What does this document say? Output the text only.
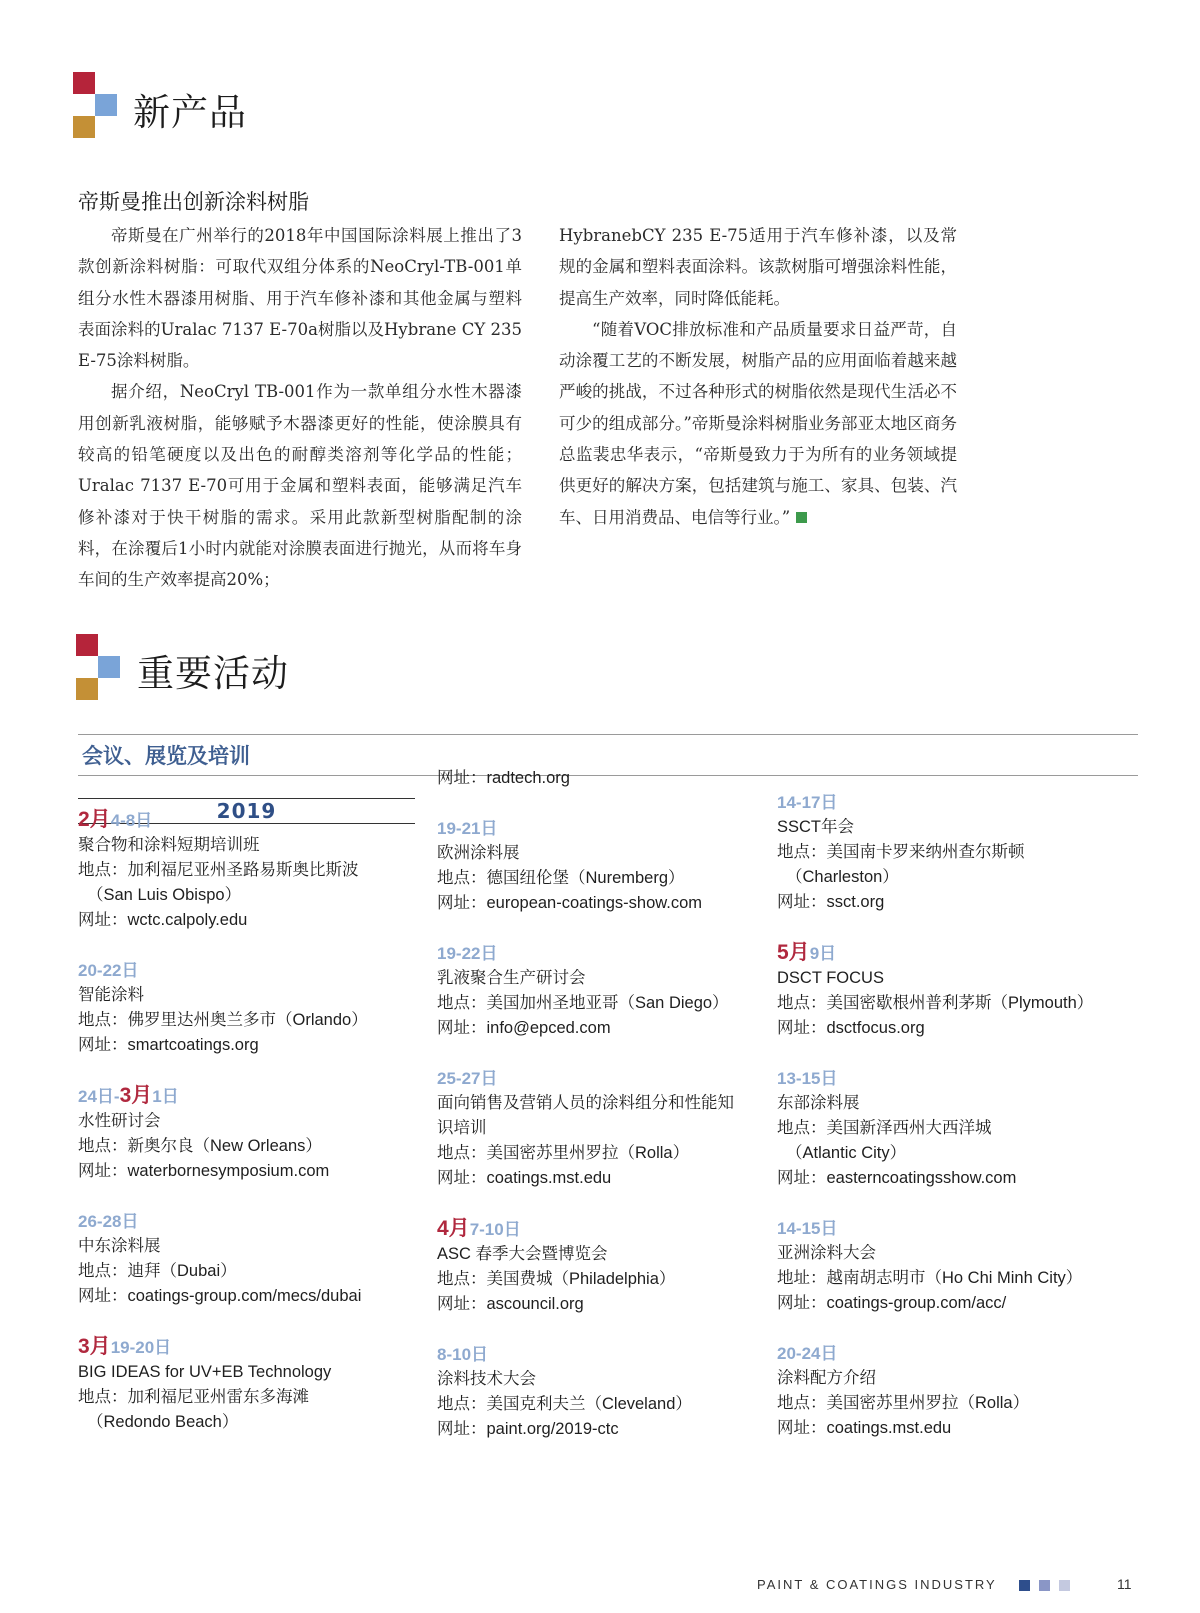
新产品
帝斯曼推出创新涂料树脂

帝斯曼在广州举行的2018年中国国际涂料展上推出了3款创新涂料树脂：可取代双组分体系的NeoCryl-TB-001单组分水性木器漆用树脂、用于汽车修补漆和其他金属与塑料表面涂料的Uralac 7137 E-70a树脂以及Hybrane CY 235 E-75涂料树脂。

据介绍，NeoCryl TB-001作为一款单组分水性木器漆用创新乳液树脂，能够赋予木器漆更好的性能，使涂膜具有较高的铅笔硬度以及出色的耐醇类溶剂等化学品的性能；Uralac 7137 E-70可用于金属和塑料表面，能够满足汽车修补漆对于快干树脂的需求。采用此款新型树脂配制的涂料，在涂覆后1小时内就能对涂膜表面进行抛光，从而将车身车间的生产效率提高20%；

HybranebCY 235 E-75适用于汽车修补漆，以及常规的金属和塑料表面涂料。该款树脂可增强涂料性能，提高生产效率，同时降低能耗。

“随着VOC排放标准和产品质量要求日益严苛，自动涂覆工艺的不断发展，树脂产品的应用面临着越来越严峻的挑战，不过各种形式的树脂依然是现代生活必不可少的组成部分。”帝斯曼涂料树脂业务部亚太地区商务总监裴忠华表示，“帝斯曼致力于为所有的业务领域提供更好的解决方案，包括建筑与施工、家具、包装、汽车、日用消费品、电信等行业。”

重要活动
会议、展览及培训
2019
2月4-8日
聚合物和涂料短期培训班
地点：加利福尼亚州圣路易斯奥比斯波
（San Luis Obispo）
网址：wctc.calpoly.edu
20-22日
智能涂料
地点：佛罗里达州奥兰多市（Orlando）
网址：smartcoatings.org
24日-3月1日
水性研讨会
地点：新奥尔良（New Orleans）
网址：waterbornesymposium.com
26-28日
中东涂料展
地点：迪拜（Dubai）
网址：coatings-group.com/mecs/dubai
3月19-20日
BIG IDEAS for UV+EB Technology
地点：加利福尼亚州雷东多海滩
（Redondo Beach）
网址：radtech.org
19-21日
欧洲涂料展
地点：德国纽伦堡（Nuremberg）
网址：european-coatings-show.com
19-22日
乳液聚合生产研讨会
地点：美国加州圣地亚哥（San Diego）
网址：info@epced.com
25-27日
面向销售及营销人员的涂料组分和性能知
识培训
地点：美国密苏里州罗拉（Rolla）
网址：coatings.mst.edu
4月7-10日
ASC 春季大会暨博览会
地点：美国费城（Philadelphia）
网址：ascouncil.org
8-10日
涂料技术大会
地点：美国克利夫兰（Cleveland）
网址：paint.org/2019-ctc
14-17日
SSCT年会
地点：美国南卡罗来纳州查尔斯顿
（Charleston）
网址：ssct.org
5月9日
DSCT FOCUS
地点：美国密歇根州普利茅斯（Plymouth）
网址：dsctfocus.org
13-15日
东部涂料展
地点：美国新泽西州大西洋城
（Atlantic City）
网址：easterncoatingsshow.com
14-15日
亚洲涂料大会
地址：越南胡志明市（Ho Chi Minh City）
网址：coatings-group.com/acc/
20-24日
涂料配方介绍
地点：美国密苏里州罗拉（Rolla）
网址：coatings.mst.edu
PAINT & COATINGS INDUSTRY	11
